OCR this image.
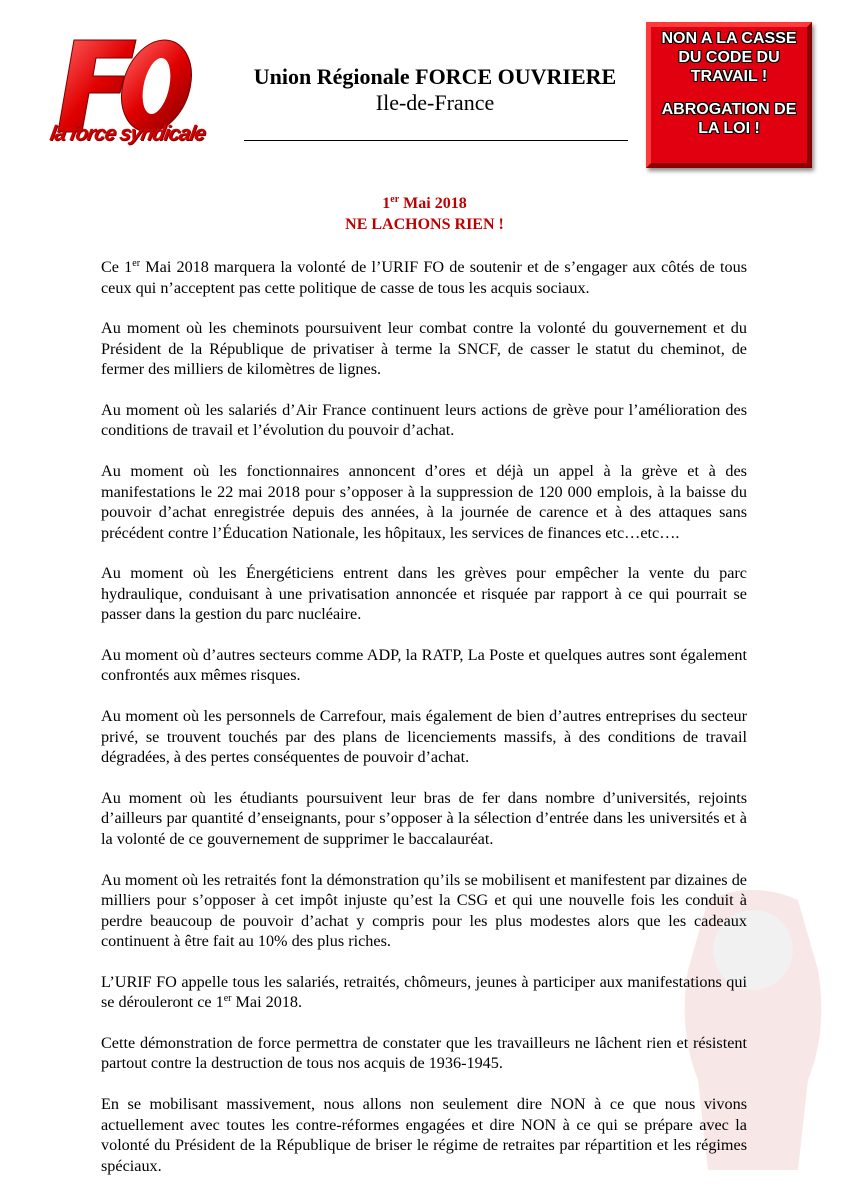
la force syndicale
Union Régionale FORCE OUVRIERE
Ile-de-France
NON A LA CASSE DU CODE DU TRAVAIL !
ABROGATION DE LA LOI !
1er Mai 2018
NE LACHONS RIEN !

Ce 1er Mai 2018 marquera la volonté de l’URIF FO de soutenir et de s’engager aux côtés de tous ceux qui n’acceptent pas cette politique de casse de tous les acquis sociaux.

Au moment où les cheminots poursuivent leur combat contre la volonté du gouvernement et du Président de la République de privatiser à terme la SNCF, de casser le statut du cheminot, de fermer des milliers de kilomètres de lignes.

Au moment où les salariés d’Air France continuent leurs actions de grève pour l’amélioration des conditions de travail et l’évolution du pouvoir d’achat.

Au moment où les fonctionnaires annoncent d’ores et déjà un appel à la grève et à des manifestations le 22 mai 2018 pour s’opposer à la suppression de 120 000 emplois, à la baisse du pouvoir d’achat enregistrée depuis des années, à la journée de carence et à des attaques sans précédent contre l’Éducation Nationale, les hôpitaux, les services de finances etc…etc….

Au moment où les Énergéticiens entrent dans les grèves pour empêcher la vente du parc hydraulique, conduisant à une privatisation annoncée et risquée par rapport à ce qui pourrait se passer dans la gestion du parc nucléaire.

Au moment où d’autres secteurs comme ADP, la RATP, La Poste et quelques autres sont également confrontés aux mêmes risques.

Au moment où les personnels de Carrefour, mais également de bien d’autres entreprises du secteur privé, se trouvent touchés par des plans de licenciements massifs, à des conditions de travail dégradées, à des pertes conséquentes de pouvoir d’achat.

Au moment où les étudiants poursuivent leur bras de fer dans nombre d’universités, rejoints d’ailleurs par quantité d’enseignants, pour s’opposer à la sélection d’entrée dans les universités et à la volonté de ce gouvernement de supprimer le baccalauréat.

Au moment où les retraités font la démonstration qu’ils se mobilisent et manifestent par dizaines de milliers pour s’opposer à cet impôt injuste qu’est la CSG et qui une nouvelle fois les conduit à perdre beaucoup de pouvoir d’achat y compris pour les plus modestes alors que les cadeaux continuent à être fait au 10% des plus riches.

L’URIF FO appelle tous les salariés, retraités, chômeurs, jeunes à participer aux manifestations qui se dérouleront ce 1er Mai 2018.

Cette démonstration de force permettra de constater que les travailleurs ne lâchent rien et résistent partout contre la destruction de tous nos acquis de 1936-1945.

En se mobilisant massivement, nous allons non seulement dire NON à ce que nous vivons actuellement avec toutes les contre-réformes engagées et dire NON à ce qui se prépare avec la volonté du Président de la République de briser le régime de retraites par répartition et les régimes spéciaux.
